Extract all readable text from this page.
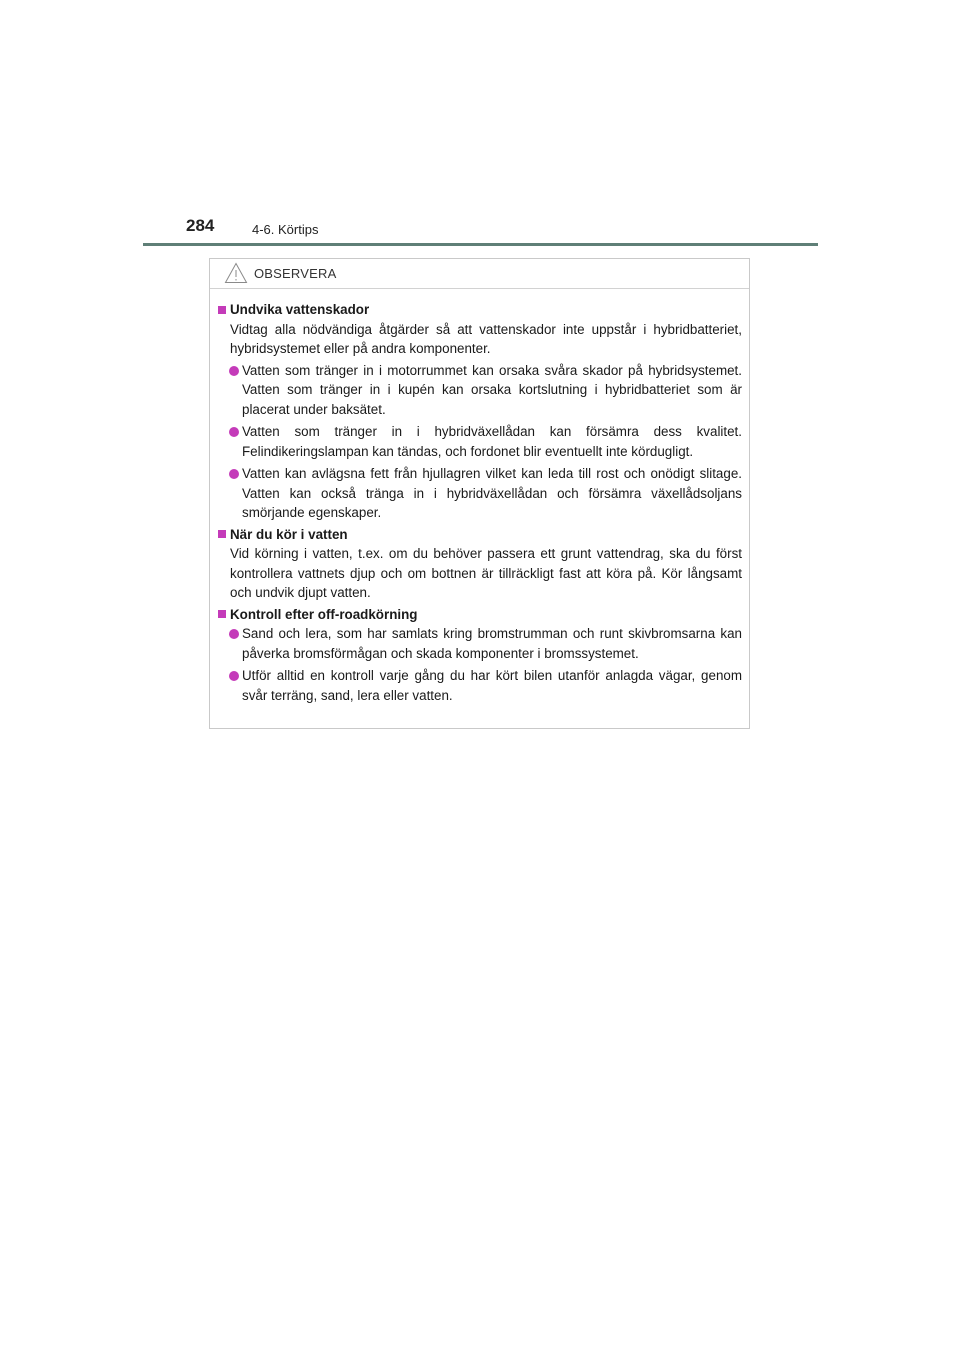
284	4-6. Körtips
OBSERVERA
Undvika vattenskador
Vidtag alla nödvändiga åtgärder så att vattenskador inte uppstår i hybridbatteriet, hybridsystemet eller på andra komponenter.
Vatten som tränger in i motorrummet kan orsaka svåra skador på hybridsystemet. Vatten som tränger in i kupén kan orsaka kortslutning i hybridbatteriet som är placerat under baksätet.
Vatten som tränger in i hybridväxellådan kan försämra dess kvalitet. Felindikeringslampan kan tändas, och fordonet blir eventuellt inte kördugligt.
Vatten kan avlägsna fett från hjullagren vilket kan leda till rost och onödigt slitage. Vatten kan också tränga in i hybridväxellådan och försämra växellådsoljans smörjande egenskaper.
När du kör i vatten
Vid körning i vatten, t.ex. om du behöver passera ett grunt vattendrag, ska du först kontrollera vattnets djup och om bottnen är tillräckligt fast att köra på. Kör långsamt och undvik djupt vatten.
Kontroll efter off-roadkörning
Sand och lera, som har samlats kring bromstrumman och runt skivbromsarna kan påverka bromsförmågan och skada komponenter i bromssystemet.
Utför alltid en kontroll varje gång du har kört bilen utanför anlagda vägar, genom svår terräng, sand, lera eller vatten.
